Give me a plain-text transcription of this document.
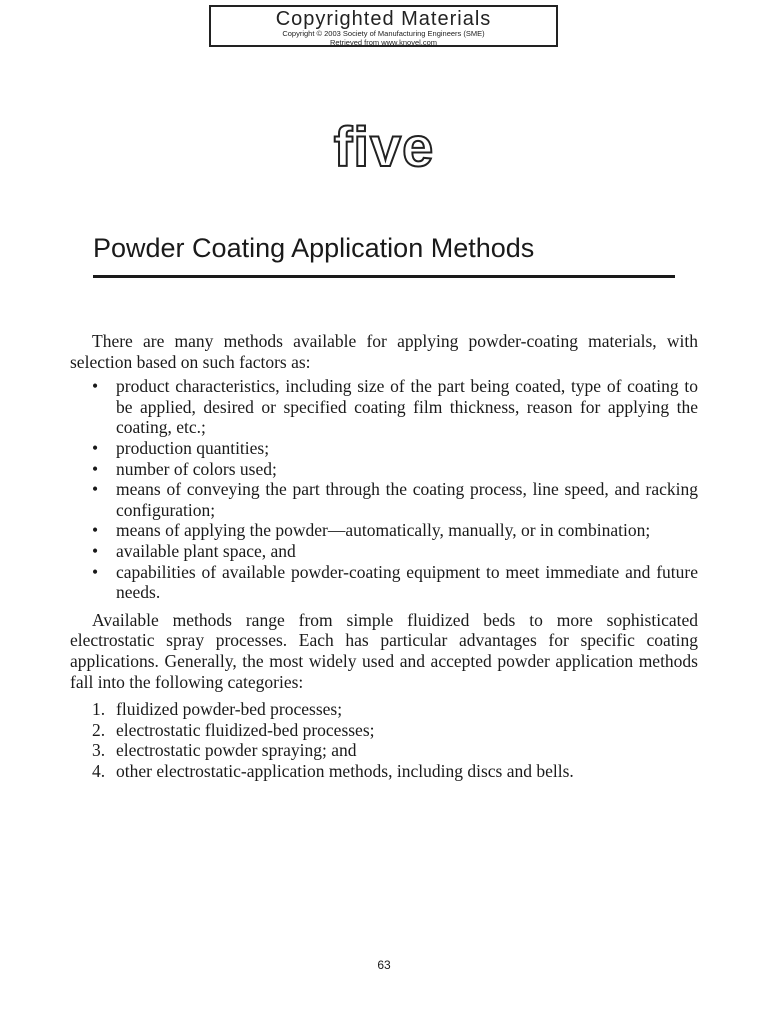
Copyrighted Materials
Copyright © 2003 Society of Manufacturing Engineers (SME)
Retrieved from www.knovel.com
five
Powder Coating Application Methods

There are many methods available for applying powder-coating materials, with selection based on such factors as:

• product characteristics, including size of the part being coated, type of coating to be applied, desired or specified coating film thickness, reason for applying the coating, etc.;
• production quantities;
• number of colors used;
• means of conveying the part through the coating process, line speed, and racking configuration;
• means of applying the powder—automatically, manually, or in combination;
• available plant space, and
• capabilities of available powder-coating equipment to meet immediate and future needs.

Available methods range from simple fluidized beds to more sophisticated electrostatic spray processes. Each has particular advantages for specific coating applications. Generally, the most widely used and accepted powder application methods fall into the following categories:

1. fluidized powder-bed processes;
2. electrostatic fluidized-bed processes;
3. electrostatic powder spraying; and
4. other electrostatic-application methods, including discs and bells.
63
